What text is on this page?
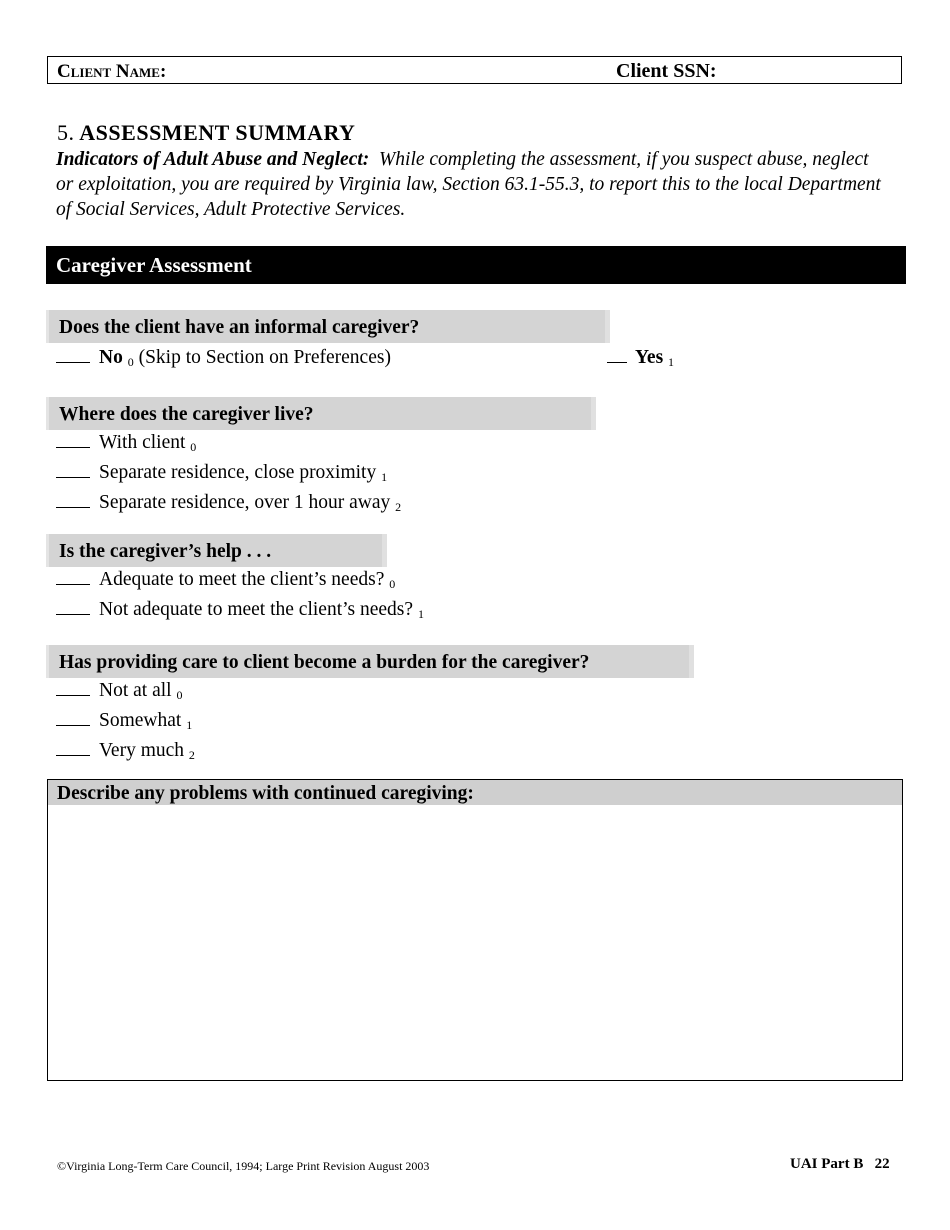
Client Name:	Client SSN:
5. ASSESSMENT SUMMARY
Indicators of Adult Abuse and Neglect: While completing the assessment, if you suspect abuse, neglect or exploitation, you are required by Virginia law, Section 63.1-55.3, to report this to the local Department of Social Services, Adult Protective Services.
Caregiver Assessment
Does the client have an informal caregiver?
No $_0$ (Skip to Section on Preferences)	Yes $_1$
Where does the caregiver live?
With client $_0$
Separate residence, close proximity $_1$
Separate residence, over 1 hour away $_2$
Is the caregiver’s help . . .
Adequate to meet the client’s needs? $_0$
Not adequate to meet the client’s needs? $_1$
Has providing care to client become a burden for the caregiver?
Not at all $_0$
Somewhat $_1$
Very much $_2$
Describe any problems with continued caregiving:
©Virginia Long-Term Care Council, 1994; Large Print Revision August 2003	UAI Part B 22
